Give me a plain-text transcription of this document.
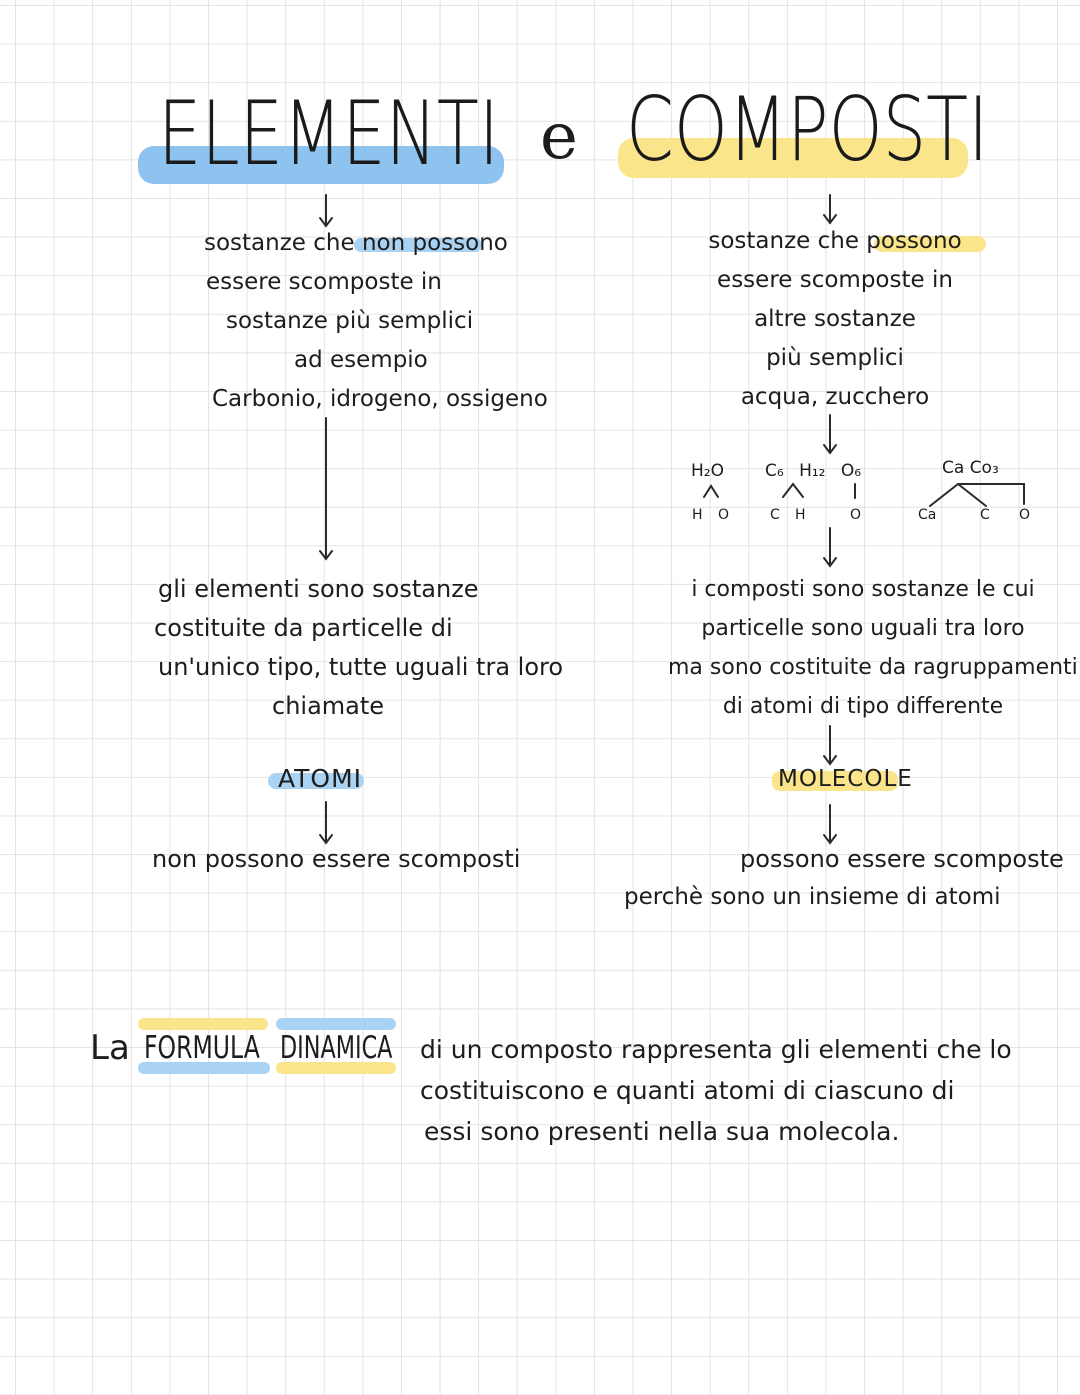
ELEMENTI e COMPOSTI

sostanze che non possono

essere scomposte in

sostanze più semplici

ad esempio

Carbonio, idrogeno, ossigeno

sostanze che possono

essere scomposte in

altre sostanze

più semplici

acqua, zucchero

H₂O
H O
C₆ H₁₂ O₆
C H	O
Ca Co₃
Ca	C O

gli elementi sono sostanze

costituite da particelle di

un'unico tipo, tutte uguali tra loro

chiamate

i composti sono sostanze le cui

particelle sono uguali tra loro

ma sono costituite da ragruppamenti

di atomi di tipo differente

ATOMI	MOLECOLE
non possono essere scomposti	possono essere scomposte
perchè sono un insieme di atomi
La FORMULA DINAMICA di un composto rappresenta gli elementi che lo
costituiscono e quanti atomi di ciascuno di
essi sono presenti nella sua molecola.
